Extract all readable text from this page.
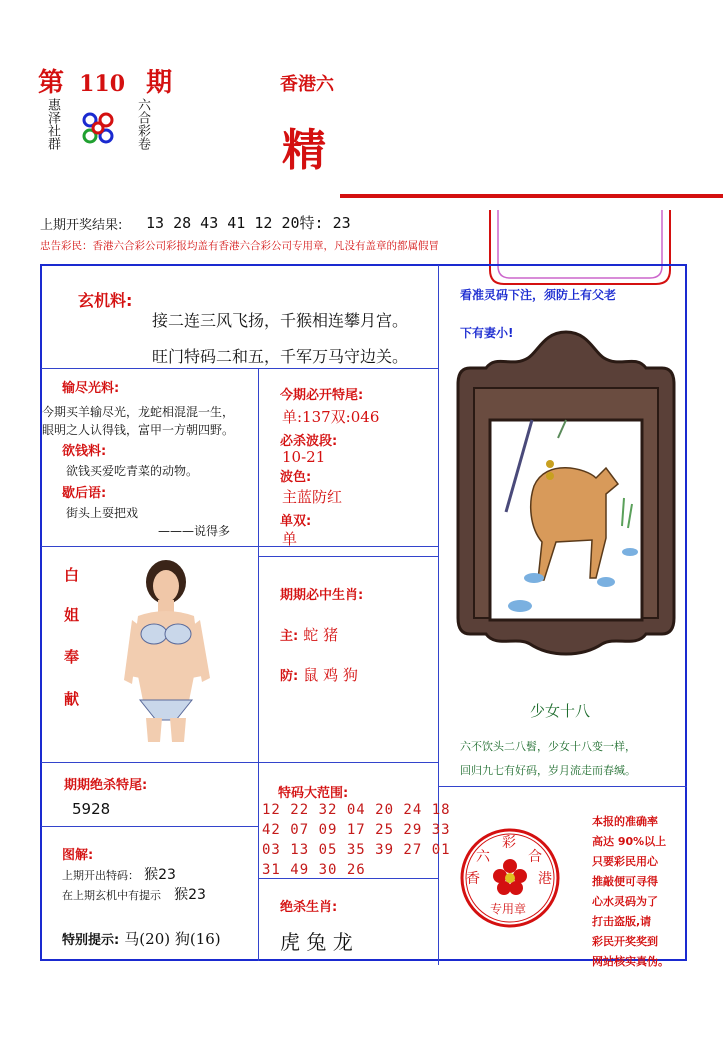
第 110 期
惠泽社群	六合彩卷
香港六
精
上期开奖结果: 13 28 43 41 12 20特: 23
忠告彩民：香港六合彩公司彩报均盖有香港六合彩公司专用章，凡没有盖章的都属假冒
玄机料:
接二连三风飞扬，千猴相连攀月宫。
旺门特码二和五，千军万马守边关。
输尽光料:
今期买羊输尽光，龙蛇相混混一生，
眼明之人认得钱，富甲一方朝四野。
欲钱料:
欲钱买爱吃青菜的动物。
歇后语:
街头上耍把戏
———说得多
今期必开特尾:
单:137双:046
必杀波段:
10-21
波色:
主蓝防红
单双:
单
期期必中生肖:
主: 蛇 猪
防: 鼠 鸡 狗
白
姐
奉
献
看准灵码下注，须防上有父老
下有妻小!
少女十八
六不饮头二八髫，少女十八变一样，
回归九七有好码，岁月流走而春缄。
期期绝杀特尾:
5928
特码大范围:
12 22 32 04 20 24 18
42 07 09 17 25 29 33
03 13 05 35 39 27 01
31 49 30 26
图解:
上期开出特码： 猴23
在上期玄机中有提示 猴23
特别提示: 马(20) 狗(16)
绝杀生肖:
虎 兔 龙
六
彩
合
香	港
专用章
本报的准确率
高达 90%以上
只要彩民用心
推敲便可寻得
心水灵码为了
打击盗版,请
彩民开奖奖到
网站核实真伪。
